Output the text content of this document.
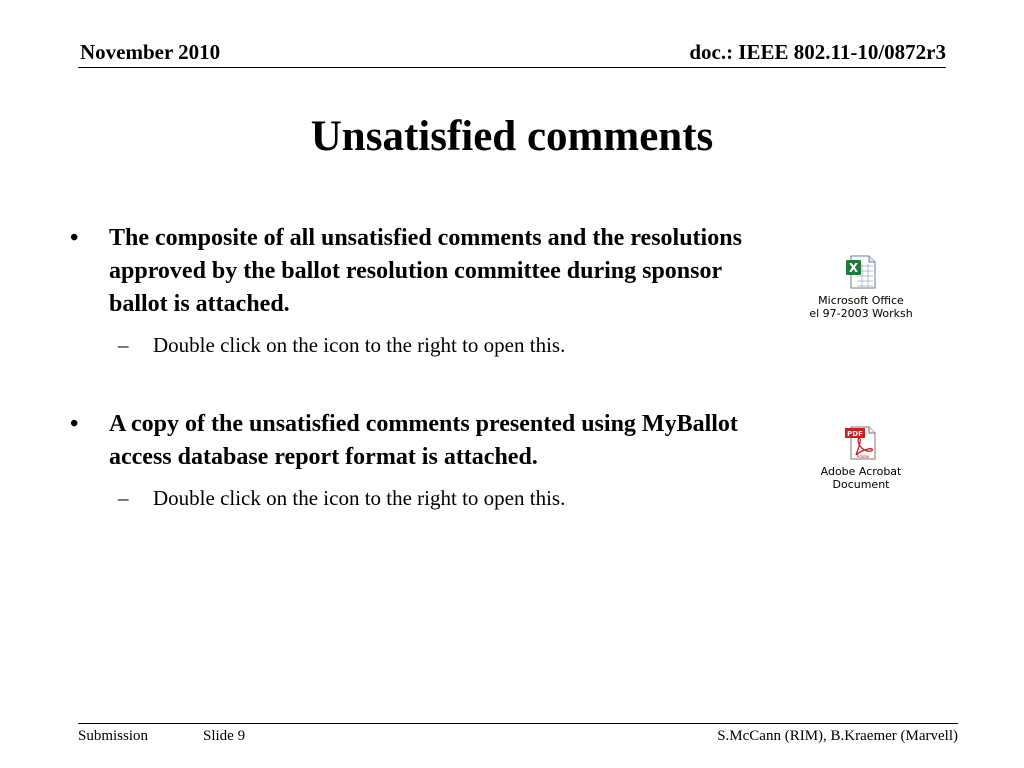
November 2010	doc.: IEEE 802.11-10/0872r3
Unsatisfied comments
• The composite of all unsatisfied comments and the resolutions approved by the ballot resolution committee during sponsor ballot is attached.
– Double click on the icon to the right to open this.
• A copy of the unsatisfied comments presented using MyBallot access database report format is attached.
– Double click on the icon to the right to open this.
X
Microsoft Office
el 97-2003 Worksh
PDF
Adobe
Adobe Acrobat
Document
Submission	Slide 9	S.McCann (RIM), B.Kraemer (Marvell)
